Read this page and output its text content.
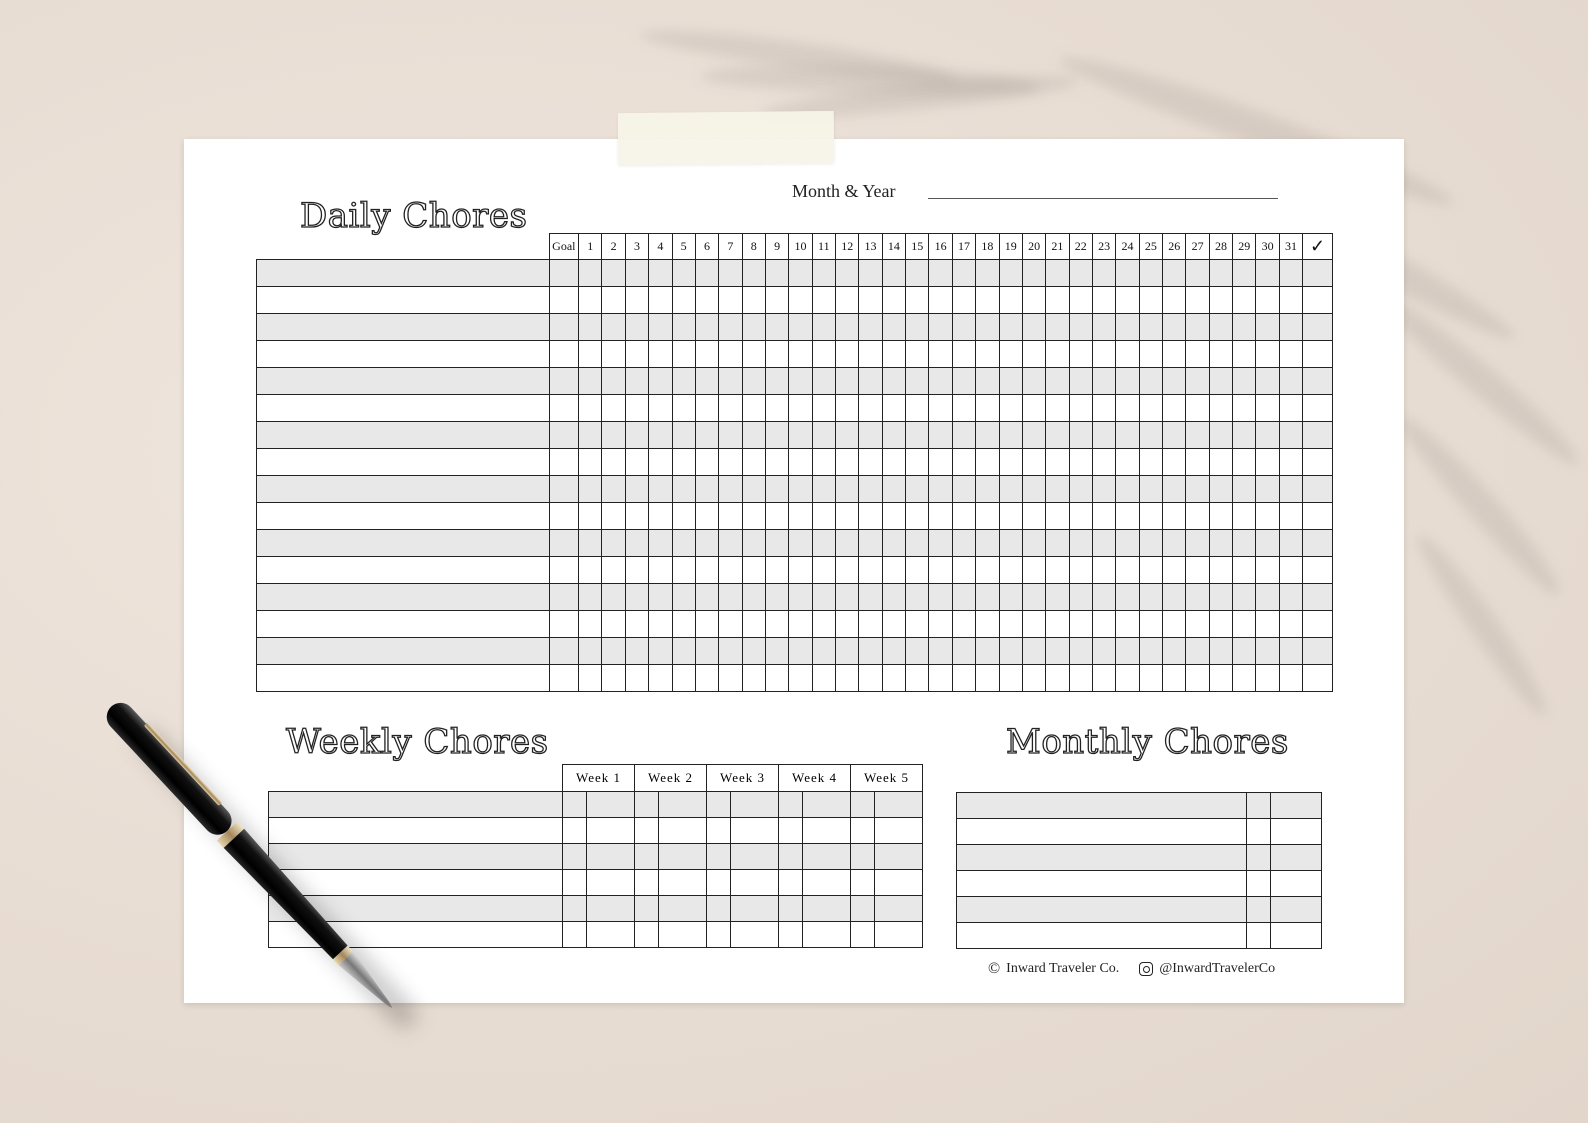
Daily Chores
Month & Year
	Goal	1	2	3	4	5	6	7	8	9	10	11	12	13	14	15	16	17	18	19	20	21	22	23	24	25	26	27	28	29	30	31	✓

Weekly Chores
	Week 1		Week 2		Week 3		Week 4		Week 5	

Monthly Chores

© Inward Traveler Co.	@InwardTravelerCo
